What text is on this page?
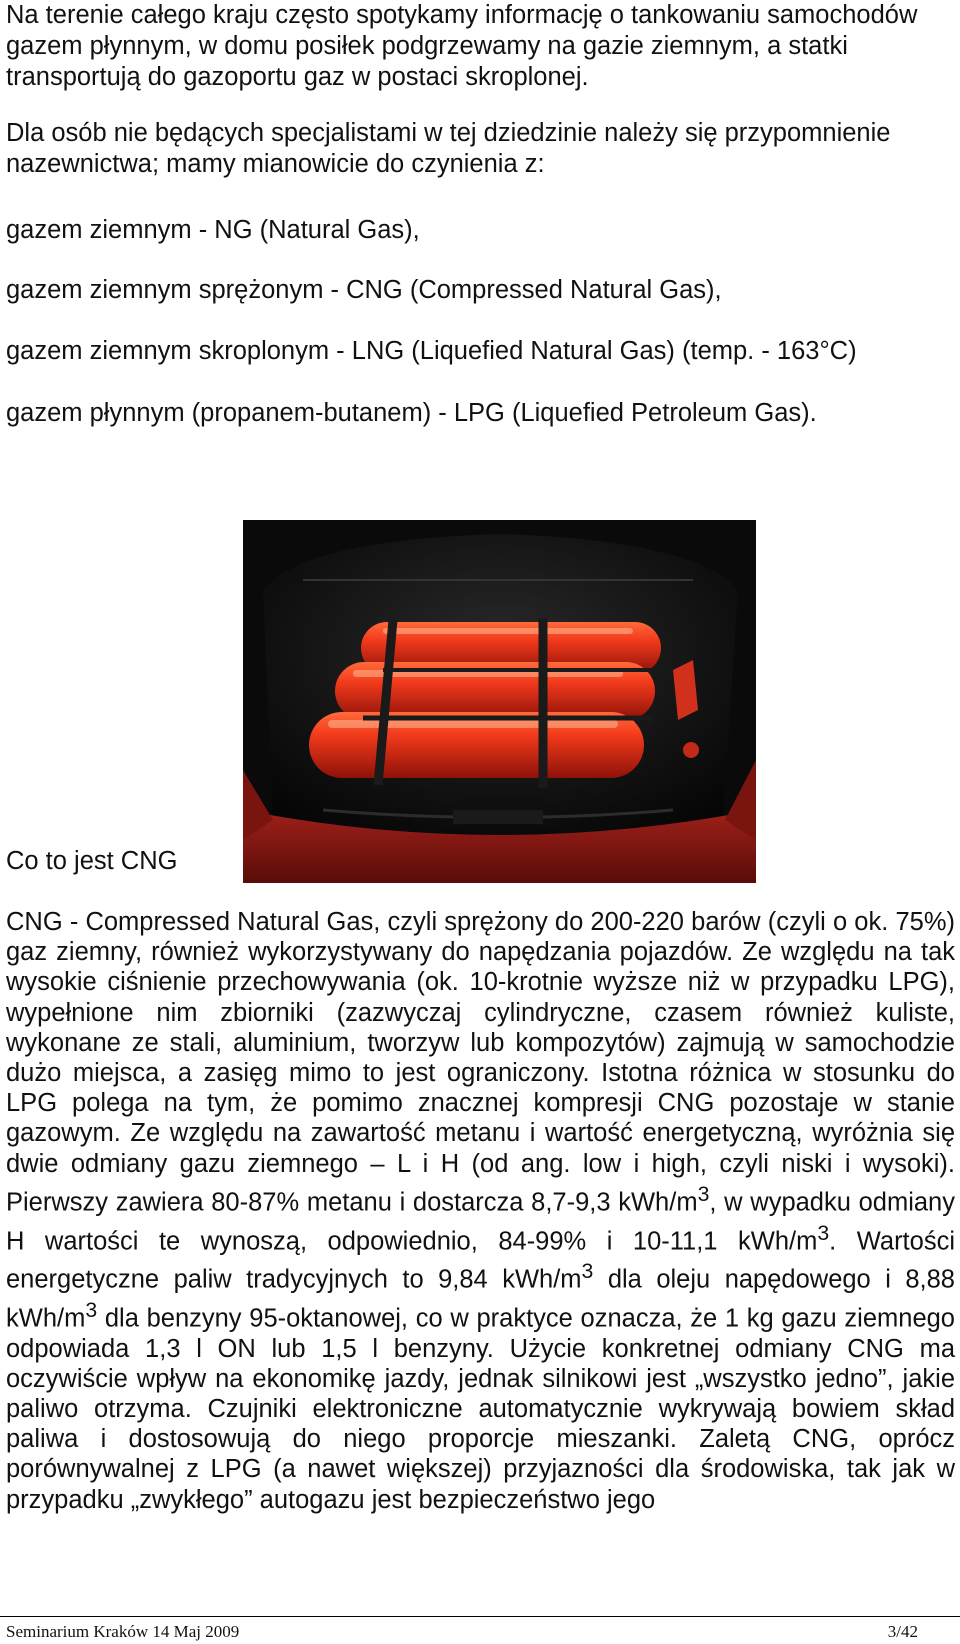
Na terenie całego kraju często spotykamy informację o tankowaniu samochodów gazem płynnym, w domu posiłek podgrzewamy na gazie ziemnym, a statki transportują do gazoportu gaz w postaci skroplonej.

Dla osób nie będących specjalistami w tej dziedzinie należy się przypomnienie nazewnictwa; mamy mianowicie do czynienia z:

gazem ziemnym - NG (Natural Gas),

gazem ziemnym sprężonym - CNG (Compressed Natural Gas),

gazem ziemnym skroplonym - LNG (Liquefied Natural Gas) (temp. - 163°C)

gazem płynnym (propanem-butanem) - LPG (Liquefied Petroleum Gas).

Co to jest CNG

CNG - Compressed Natural Gas, czyli sprężony do 200-220 barów (czyli o ok. 75%) gaz ziemny, również wykorzystywany do napędzania pojazdów. Ze względu na tak wysokie ciśnienie przechowywania (ok. 10-krotnie wyższe niż w przypadku LPG), wypełnione nim zbiorniki (zazwyczaj cylindryczne, czasem również kuliste, wykonane ze stali, aluminium, tworzyw lub kompozytów) zajmują w samochodzie dużo miejsca, a zasięg mimo to jest ograniczony. Istotna różnica w stosunku do LPG polega na tym, że pomimo znacznej kompresji CNG pozostaje w stanie gazowym. Ze względu na zawartość metanu i wartość energetyczną, wyróżnia się dwie odmiany gazu ziemnego – L i H (od ang. low i high, czyli niski i wysoki). Pierwszy zawiera 80-87% metanu i dostarcza 8,7-9,3 kWh/$m^3$, w wypadku odmiany H wartości te wynoszą, odpowiednio, 84-99% i 10-11,1 kWh/$m^3$. Wartości energetyczne paliw tradycyjnych to 9,84 kWh/$m^3$ dla oleju napędowego i 8,88 kWh/$m^3$ dla benzyny 95-oktanowej, co w praktyce oznacza, że 1 kg gazu ziemnego odpowiada 1,3 l ON lub 1,5 l benzyny. Użycie konkretnej odmiany CNG ma oczywiście wpływ na ekonomikę jazdy, jednak silnikowi jest „wszystko jedno”, jakie paliwo otrzyma. Czujniki elektroniczne automatycznie wykrywają bowiem skład paliwa i dostosowują do niego proporcje mieszanki. Zaletą CNG, oprócz porównywalnej z LPG (a nawet większej) przyjazności dla środowiska, tak jak w przypadku „zwykłego” autogazu jest bezpieczeństwo jego

Seminarium Kraków 14 Maj 2009	3/42
